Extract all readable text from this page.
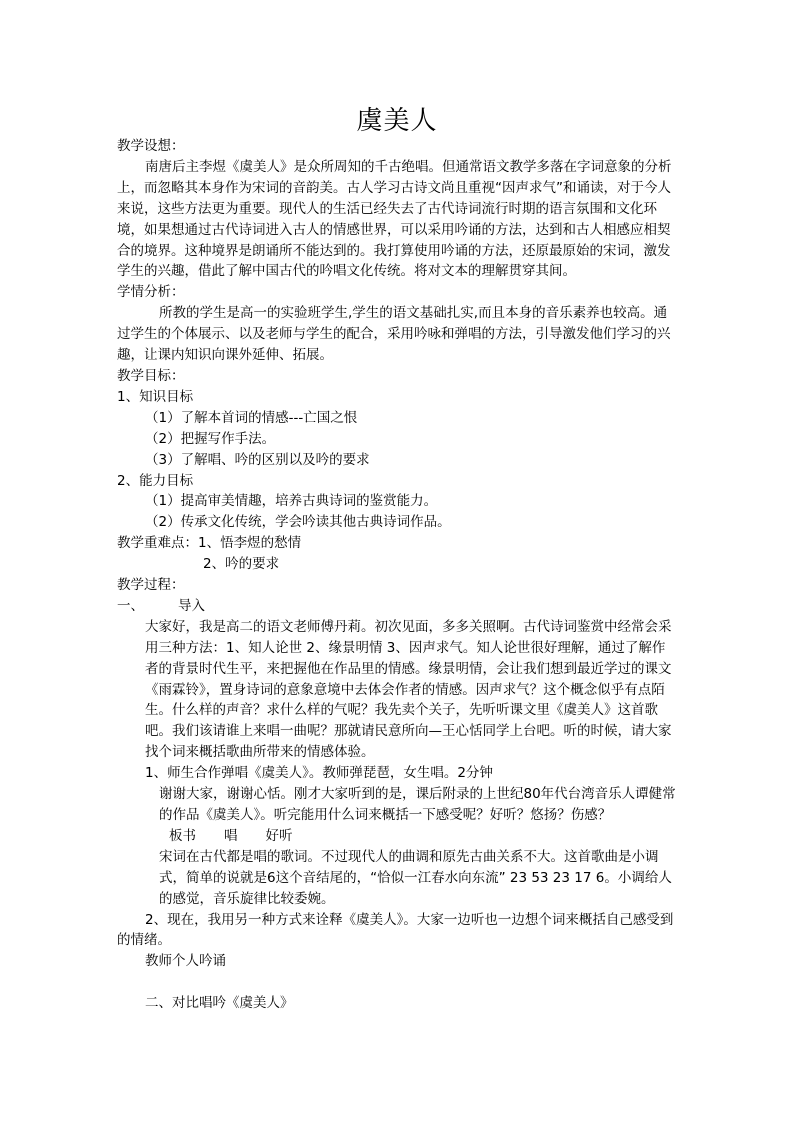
虞美人

教学设想：

南唐后主李煜《虞美人》是众所周知的千古绝唱。但通常语文教学多落在字词意象的分析上，而忽略其本身作为宋词的音韵美。古人学习古诗文尚且重视“因声求气”和诵读，对于今人来说，这些方法更为重要。现代人的生活已经失去了古代诗词流行时期的语言氛围和文化环境，如果想通过古代诗词进入古人的情感世界，可以采用吟诵的方法，达到和古人相感应相契合的境界。这种境界是朗诵所不能达到的。我打算使用吟诵的方法，还原最原始的宋词，激发学生的兴趣，借此了解中国古代的吟唱文化传统。将对文本的理解贯穿其间。

学情分析：

所教的学生是高一的实验班学生,学生的语文基础扎实,而且本身的音乐素养也较高。通过学生的个体展示、以及老师与学生的配合，采用吟咏和弹唱的方法，引导激发他们学习的兴趣，让课内知识向课外延伸、拓展。

教学目标：

1、知识目标

（1）了解本首词的情感---亡国之恨

（2）把握写作手法。

（3）了解唱、吟的区别以及吟的要求

2、能力目标

（1）提高审美情趣，培养古典诗词的鉴赏能力。

（2）传承文化传统，学会吟读其他古典诗词作品。

教学重难点：1、悟李煜的愁情

2、吟的要求

教学过程：

一、	导入

大家好，我是高二的语文老师傅丹莉。初次见面，多多关照啊。古代诗词鉴赏中经常会采用三种方法：1、知人论世 2、缘景明情 3、因声求气。知人论世很好理解，通过了解作者的背景时代生平，来把握他在作品里的情感。缘景明情，会让我们想到最近学过的课文《雨霖铃》，置身诗词的意象意境中去体会作者的情感。因声求气？这个概念似乎有点陌生。什么样的声音？求什么样的气呢？我先卖个关子，先听听课文里《虞美人》这首歌吧。我们该请谁上来唱一曲呢？那就请民意所向—王心恬同学上台吧。听的时候，请大家找个词来概括歌曲所带来的情感体验。

1、师生合作弹唱《虞美人》。教师弹琵琶，女生唱。2分钟

谢谢大家，谢谢心恬。刚才大家听到的是，课后附录的上世纪80年代台湾音乐人谭健常的作品《虞美人》。听完能用什么词来概括一下感受呢？好听？悠扬？伤感？

板书 唱 好听

宋词在古代都是唱的歌词。不过现代人的曲调和原先古曲关系不大。这首歌曲是小调式，简单的说就是6这个音结尾的，“恰似一江春水向东流” 23 53 23 17 6。小调给人的感觉，音乐旋律比较委婉。

2、现在，我用另一种方式来诠释《虞美人》。大家一边听也一边想个词来概括自己感受到的情绪。

教师个人吟诵

二、对比唱吟《虞美人》
